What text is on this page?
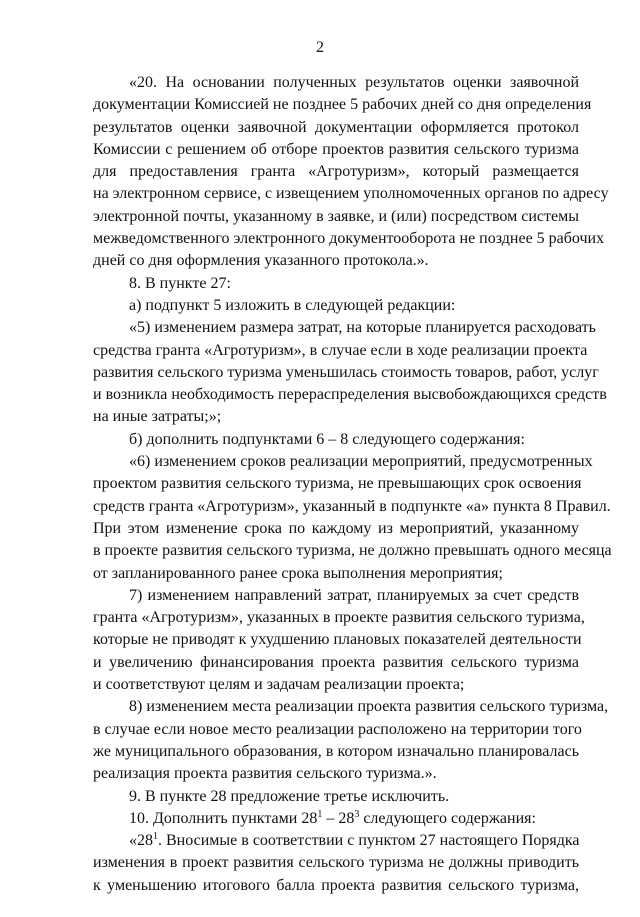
2
«20. На основании полученных результатов оценки заявочной
документации Комиссией не позднее 5 рабочих дней со дня определения
результатов оценки заявочной документации оформляется протокол
Комиссии с решением об отборе проектов развития сельского туризма
для предоставления гранта «Агротуризм», который размещается
на электронном сервисе, с извещением уполномоченных органов по адресу
электронной почты, указанному в заявке, и (или) посредством системы
межведомственного электронного документооборота не позднее 5 рабочих
дней со дня оформления указанного протокола.».
8. В пункте 27:
а) подпункт 5 изложить в следующей редакции:
«5) изменением размера затрат, на которые планируется расходовать
средства гранта «Агротуризм», в случае если в ходе реализации проекта
развития сельского туризма уменьшилась стоимость товаров, работ, услуг
и возникла необходимость перераспределения высвобождающихся средств
на иные затраты;»;
б) дополнить подпунктами 6 – 8 следующего содержания:
«6) изменением сроков реализации мероприятий, предусмотренных
проектом развития сельского туризма, не превышающих срок освоения
средств гранта «Агротуризм», указанный в подпункте «а» пункта 8 Правил.
При этом изменение срока по каждому из мероприятий, указанному
в проекте развития сельского туризма, не должно превышать одного месяца
от запланированного ранее срока выполнения мероприятия;
7) изменением направлений затрат, планируемых за счет средств
гранта «Агротуризм», указанных в проекте развития сельского туризма,
которые не приводят к ухудшению плановых показателей деятельности
и увеличению финансирования проекта развития сельского туризма
и соответствуют целям и задачам реализации проекта;
8) изменением места реализации проекта развития сельского туризма,
в случае если новое место реализации расположено на территории того
же муниципального образования, в котором изначально планировалась
реализация проекта развития сельского туризма.».
9. В пункте 28 предложение третье исключить.
10. Дополнить пунктами $28^1 - 28^3$ следующего содержания:
«$28^1$. Вносимые в соответствии с пунктом 27 настоящего Порядка
изменения в проект развития сельского туризма не должны приводить
к уменьшению итогового балла проекта развития сельского туризма,
